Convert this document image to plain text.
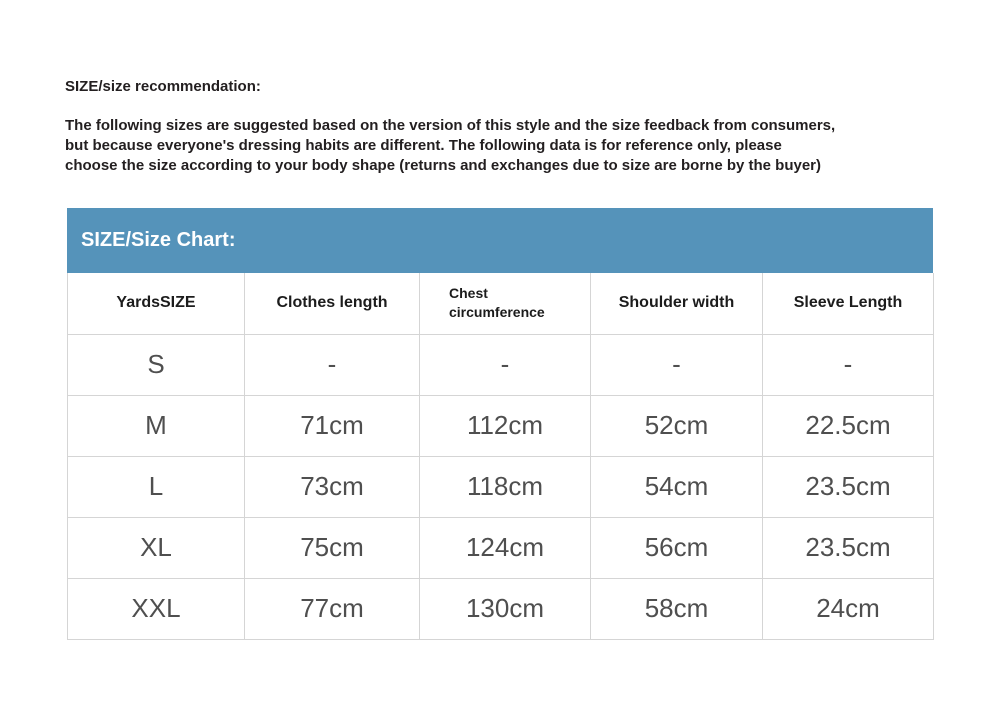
SIZE/size recommendation:
The following sizes are suggested based on the version of this style and the size feedback from consumers,
but because everyone's dressing habits are different. The following data is for reference only, please
choose the size according to your body shape (returns and exchanges due to size are borne by the buyer)
SIZE/Size Chart:
YardsSIZE	Clothes length	Chest circumference	Shoulder width	Sleeve Length
S	-	-	-	-
M	71cm	112cm	52cm	22.5cm
L	73cm	118cm	54cm	23.5cm
XL	75cm	124cm	56cm	23.5cm
XXL	77cm	130cm	58cm	24cm
